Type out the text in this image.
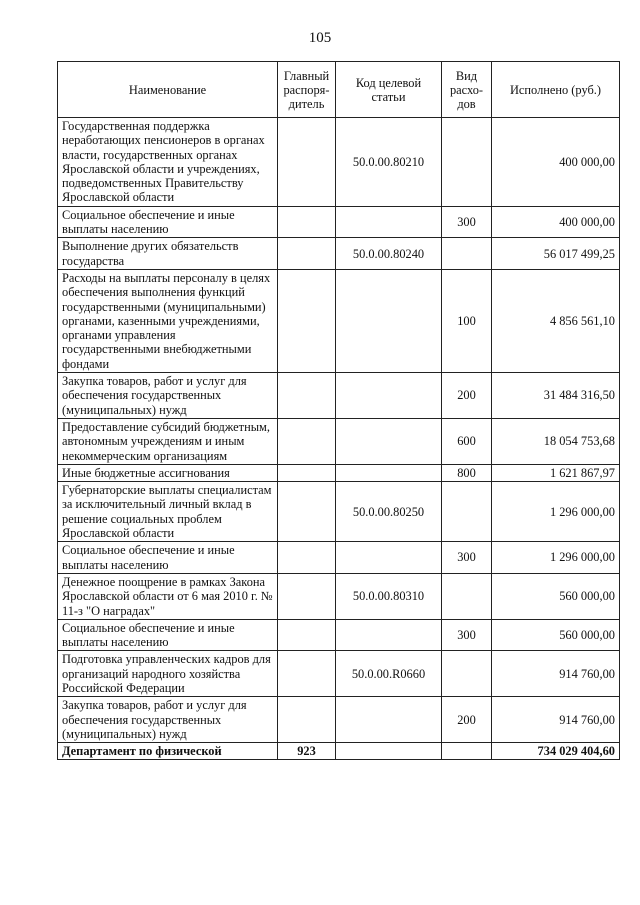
105
Наименование	Главный распоря-дитель	Код целевой статьи	Вид расхо-дов	Исполнено (руб.)
Государственная поддержка неработающих пенсионеров в органах власти, государственных органах Ярославской области и учреждениях, подведомственных Правительству Ярославской области		50.0.00.80210		400 000,00
Социальное обеспечение и иные выплаты населению			300	400 000,00
Выполнение других обязательств государства		50.0.00.80240		56 017 499,25
Расходы на выплаты персоналу в целях обеспечения выполнения функций государственными (муниципальными) органами, казенными учреждениями, органами управления государственными внебюджетными фондами			100	4 856 561,10
Закупка товаров, работ и услуг для обеспечения государственных (муниципальных) нужд			200	31 484 316,50
Предоставление субсидий бюджетным, автономным учреждениям и иным некоммерческим организациям			600	18 054 753,68
Иные бюджетные ассигнования			800	1 621 867,97
Губернаторские выплаты специалистам за исключительный личный вклад в решение социальных проблем Ярославской области		50.0.00.80250		1 296 000,00
Социальное обеспечение и иные выплаты населению			300	1 296 000,00
Денежное поощрение в рамках Закона Ярославской области от 6 мая 2010 г. № 11-з "О наградах"		50.0.00.80310		560 000,00
Социальное обеспечение и иные выплаты населению			300	560 000,00
Подготовка управленческих кадров для организаций народного хозяйства Российской Федерации		50.0.00.R0660		914 760,00
Закупка товаров, работ и услуг для обеспечения государственных (муниципальных) нужд			200	914 760,00
Департамент по физической	923			734 029 404,60
